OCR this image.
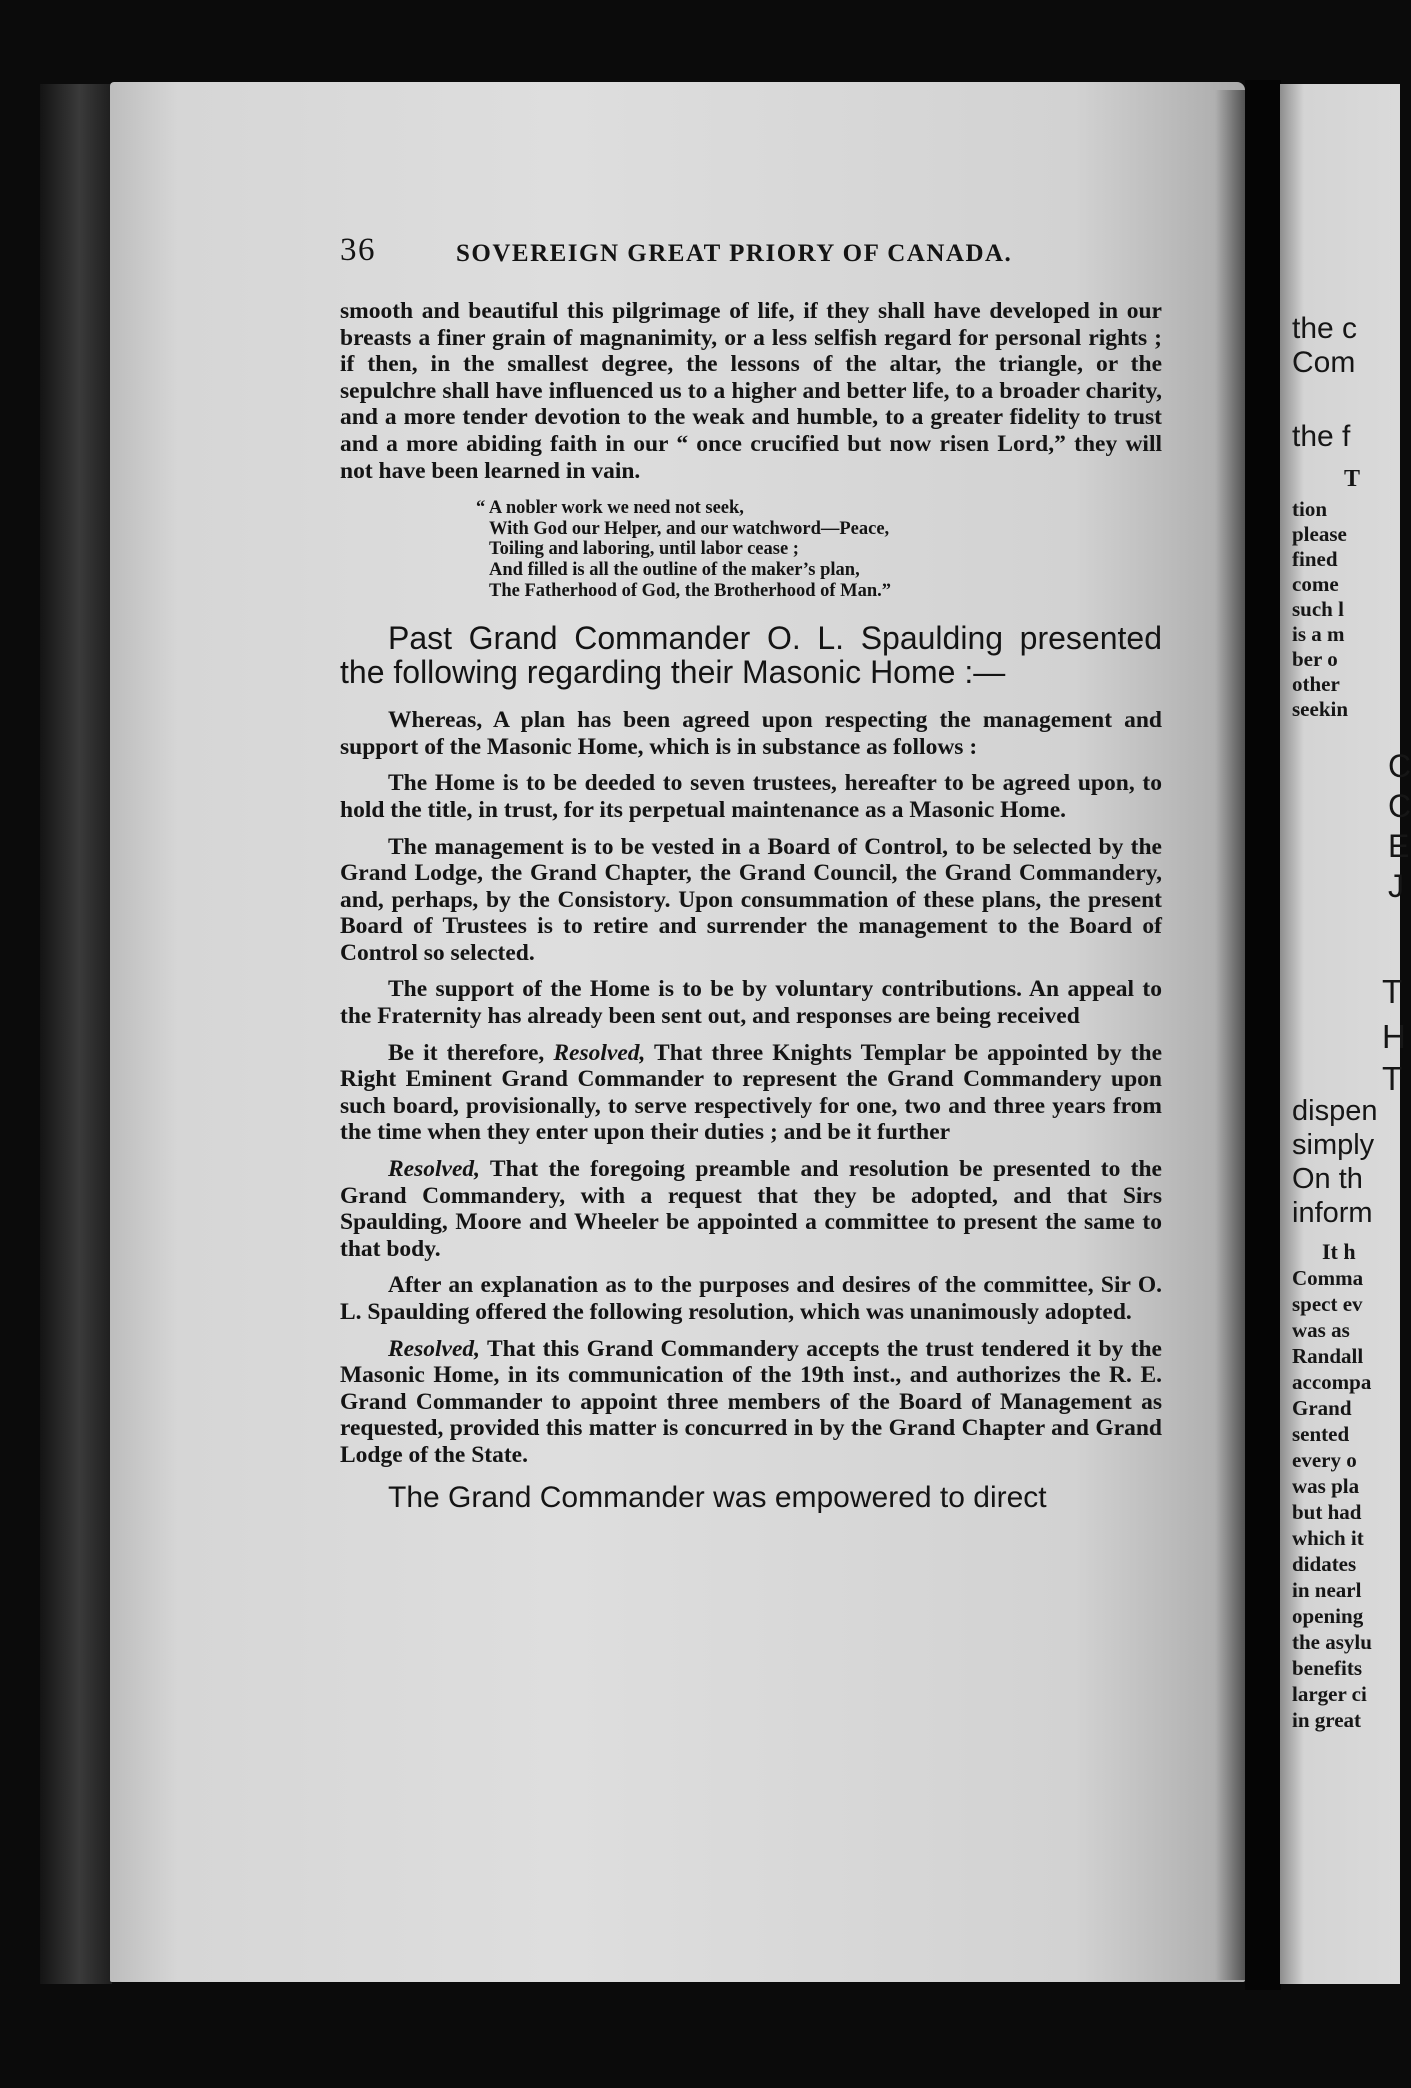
36	SOVEREIGN GREAT PRIORY OF CANADA.

smooth and beautiful this pilgrimage of life, if they shall have developed in our breasts a finer grain of magnanimity, or a less selfish regard for personal rights ; if then, in the smallest degree, the lessons of the altar, the triangle, or the sepulchre shall have influenced us to a higher and better life, to a broader charity, and a more tender devotion to the weak and humble, to a greater fidelity to trust and a more abiding faith in our “ once crucified but now risen Lord,” they will not have been learned in vain.

“ A nobler work we need not seek,
With God our Helper, and our watchword—Peace,
Toiling and laboring, until labor cease ;
And filled is all the outline of the maker’s plan,
The Fatherhood of God, the Brotherhood of Man.”

Past Grand Commander O. L. Spaulding presented the following regarding their Masonic Home :—

Whereas, A plan has been agreed upon respecting the management and support of the Masonic Home, which is in substance as follows :

The Home is to be deeded to seven trustees, hereafter to be agreed upon, to hold the title, in trust, for its perpetual maintenance as a Masonic Home.

The management is to be vested in a Board of Control, to be selected by the Grand Lodge, the Grand Chapter, the Grand Council, the Grand Commandery, and, perhaps, by the Consistory. Upon consummation of these plans, the present Board of Trustees is to retire and surrender the management to the Board of Control so selected.

The support of the Home is to be by voluntary contributions. An appeal to the Fraternity has already been sent out, and responses are being received

Be it therefore, Resolved, That three Knights Templar be appointed by the Right Eminent Grand Commander to represent the Grand Commandery upon such board, provisionally, to serve respectively for one, two and three years from the time when they enter upon their duties ; and be it further

Resolved, That the foregoing preamble and resolution be presented to the Grand Commandery, with a request that they be adopted, and that Sirs Spaulding, Moore and Wheeler be appointed a committee to present the same to that body.

After an explanation as to the purposes and desires of the committee, Sir O. L. Spaulding offered the following resolution, which was unanimously adopted.

Resolved, That this Grand Commandery accepts the trust tendered it by the Masonic Home, in its communication of the 19th inst., and authorizes the R. E. Grand Commander to appoint three members of the Board of Management as requested, provided this matter is concurred in by the Grand Chapter and Grand Lodge of the State.

The Grand Commander was empowered to direct

the c
Com
the f
T
tion
please
fined
come
such l
is a m
ber o
other
seekin
C
C
E
J
T
H
T
dispen
simply
On th
inform
It h
Comma
spect ev
was as
Randall
accompa
Grand
sented
every o
was pla
but had
which it
didates
in nearl
opening
the asylu
benefits
larger ci
in great
